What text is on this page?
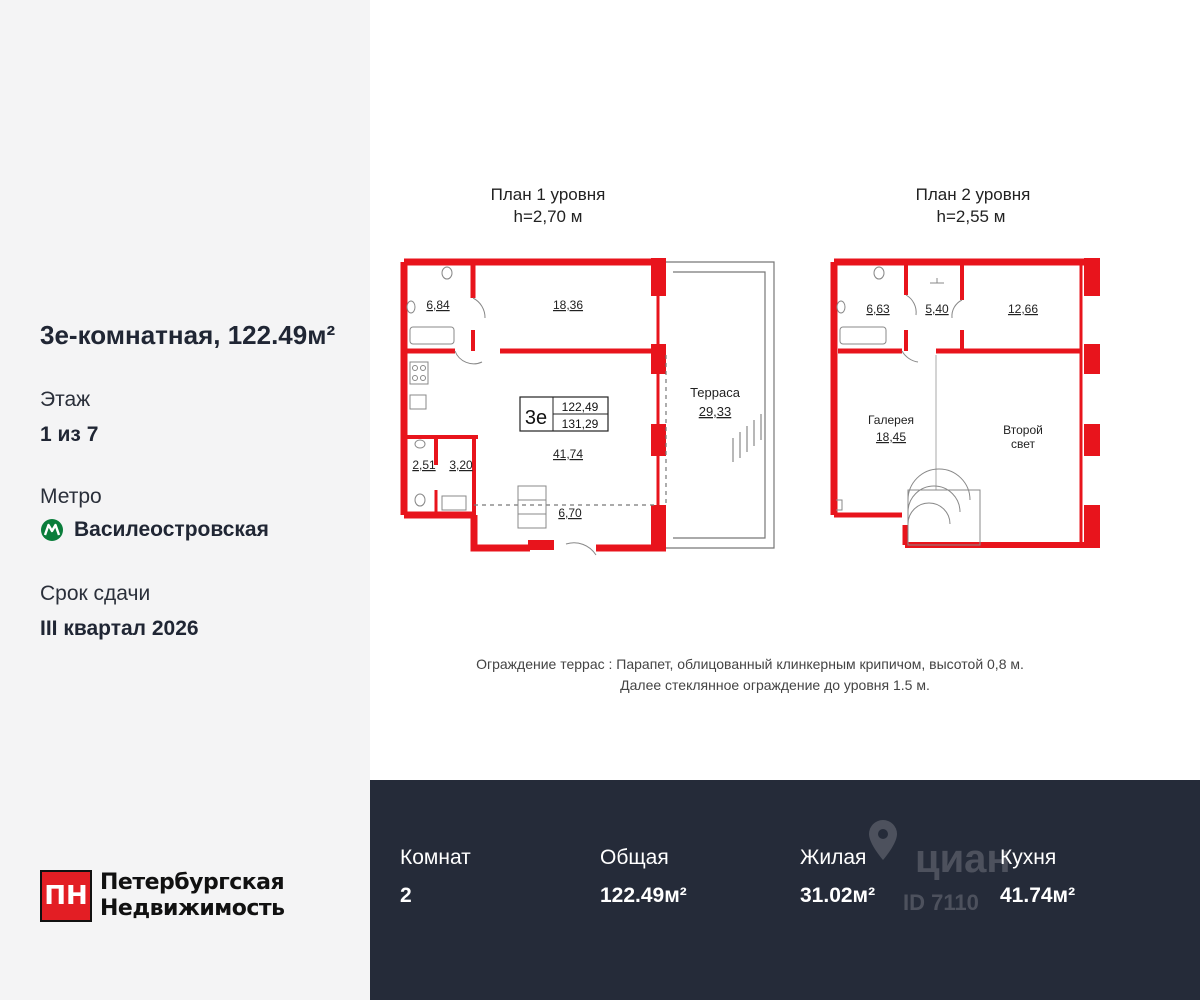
3е-комнатная, 122.49м²
Этаж
1 из 7
Метро
Василеостровская
Срок сдачи
III квартал 2026
ПН Петербургская
Недвижимость
План 1 уровня
h=2,70 м
План 2 уровня
h=2,55 м
Терраса
29,33
6,84	18,36
41,74
2,51 3,20
6,70
3е 122,49
131,29
6,63	5,40	12,66
Галерея
18,45	Второй
свет
Ограждение террас : Парапет, облицованный клинкерным крипичом, высотой 0,8 м.
Далее стеклянное ограждение до уровня 1.5 м.
циан
ID 7110
Комнат
2
Общая
122.49м²
Жилая
31.02м²
Кухня
41.74м²
